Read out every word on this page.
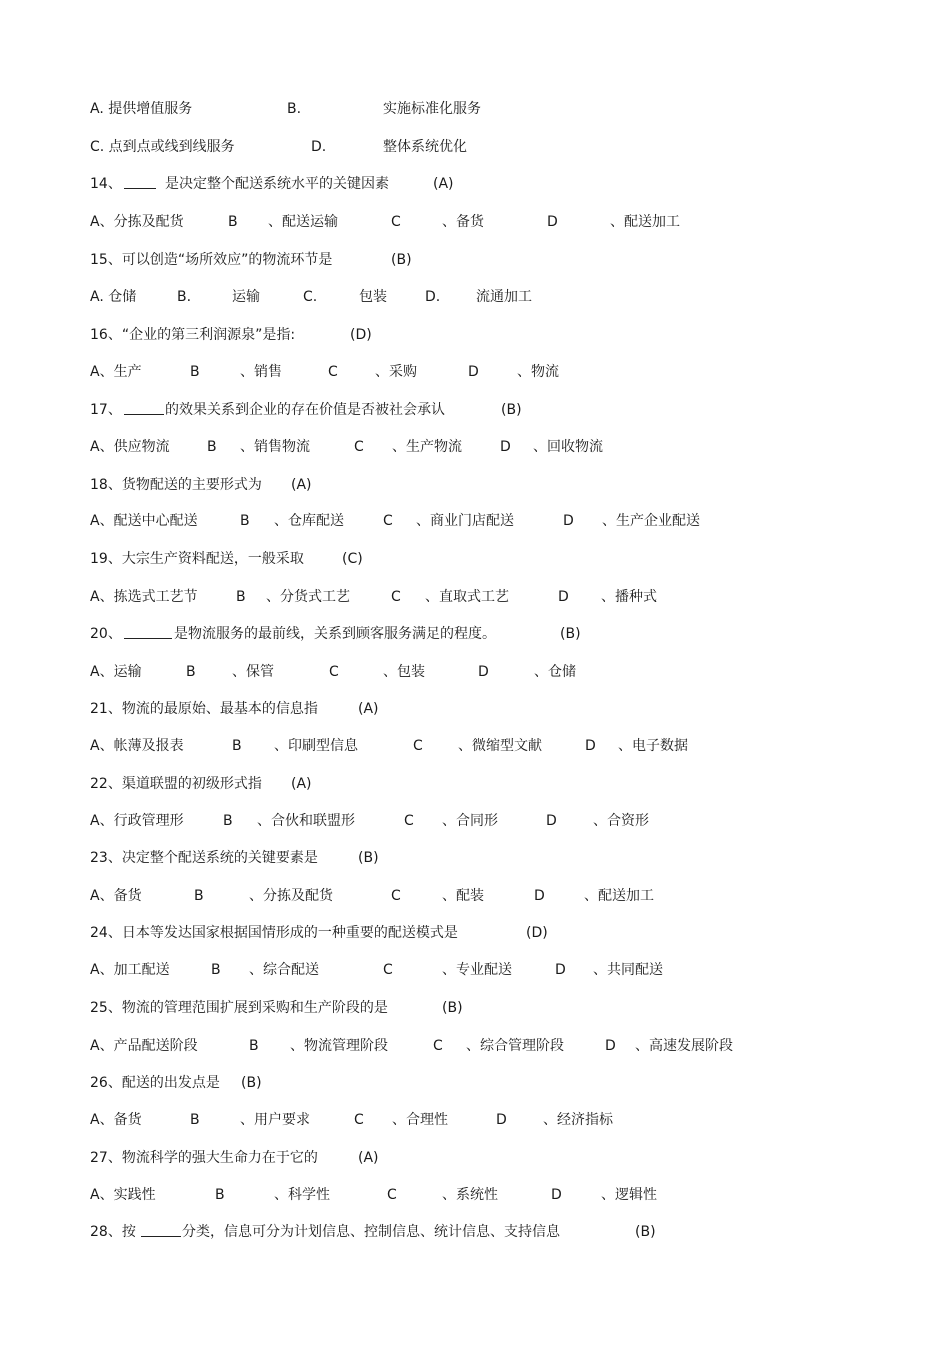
A. 提供增值服务	B.	实施标准化服务
C. 点到点或线到线服务	D.	整体系统优化
14、	是决定整个配送系统水平的关键因素	(A)
A、分拣及配货	B 、配送运输	C	、备货	D	、配送加工
15、可以创造“场所效应”的物流环节是	(B)
A. 仓储	B.	运输	C.	包装	D.	流通加工
16、“企业的第三利润源泉”是指:	(D)
A、生产	B	、销售	C	、采购	D	、物流
17、	的效果关系到企业的存在价值是否被社会承认	(B)
A、供应物流	B 、销售物流	C 、生产物流	D 、回收物流
18、货物配送的主要形式为 (A)
A、配送中心配送	B 、仓库配送	C 、商业门店配送	D 、生产企业配送
19、大宗生产资料配送，一般采取	(C)
A、拣选式工艺节	B 、分货式工艺	C 、直取式工艺	D 、播种式
20、	是物流服务的最前线，关系到顾客服务满足的程度。	(B)
A、运输	B	、保管	C	、包装	D	、仓储
21、物流的最原始、最基本的信息指	(A)
A、帐薄及报表	B 、印刷型信息	C	、微缩型文献	D 、电子数据
22、渠道联盟的初级形式指 (A)
A、行政管理形	B 、合伙和联盟形	C 、合同形	D	、合资形
23、决定整个配送系统的关键要素是	(B)
A、备货	B	、分拣及配货	C	、配装	D	、配送加工
24、日本等发达国家根据国情形成的一种重要的配送模式是	(D)
A、加工配送	B 、综合配送	C	、专业配送	D 、共同配送
25、物流的管理范围扩展到采购和生产阶段的是	(B)
A、产品配送阶段	B 、物流管理阶段	C 、综合管理阶段	D 、高速发展阶段
26、配送的出发点是 (B)
A、备货	B	、用户要求	C 、合理性	D	、经济指标
27、物流科学的强大生命力在于它的	(A)
A、实践性	B	、科学性	C	、系统性	D	、逻辑性
28、按	分类，信息可分为计划信息、控制信息、统计信息、支持信息	(B)
